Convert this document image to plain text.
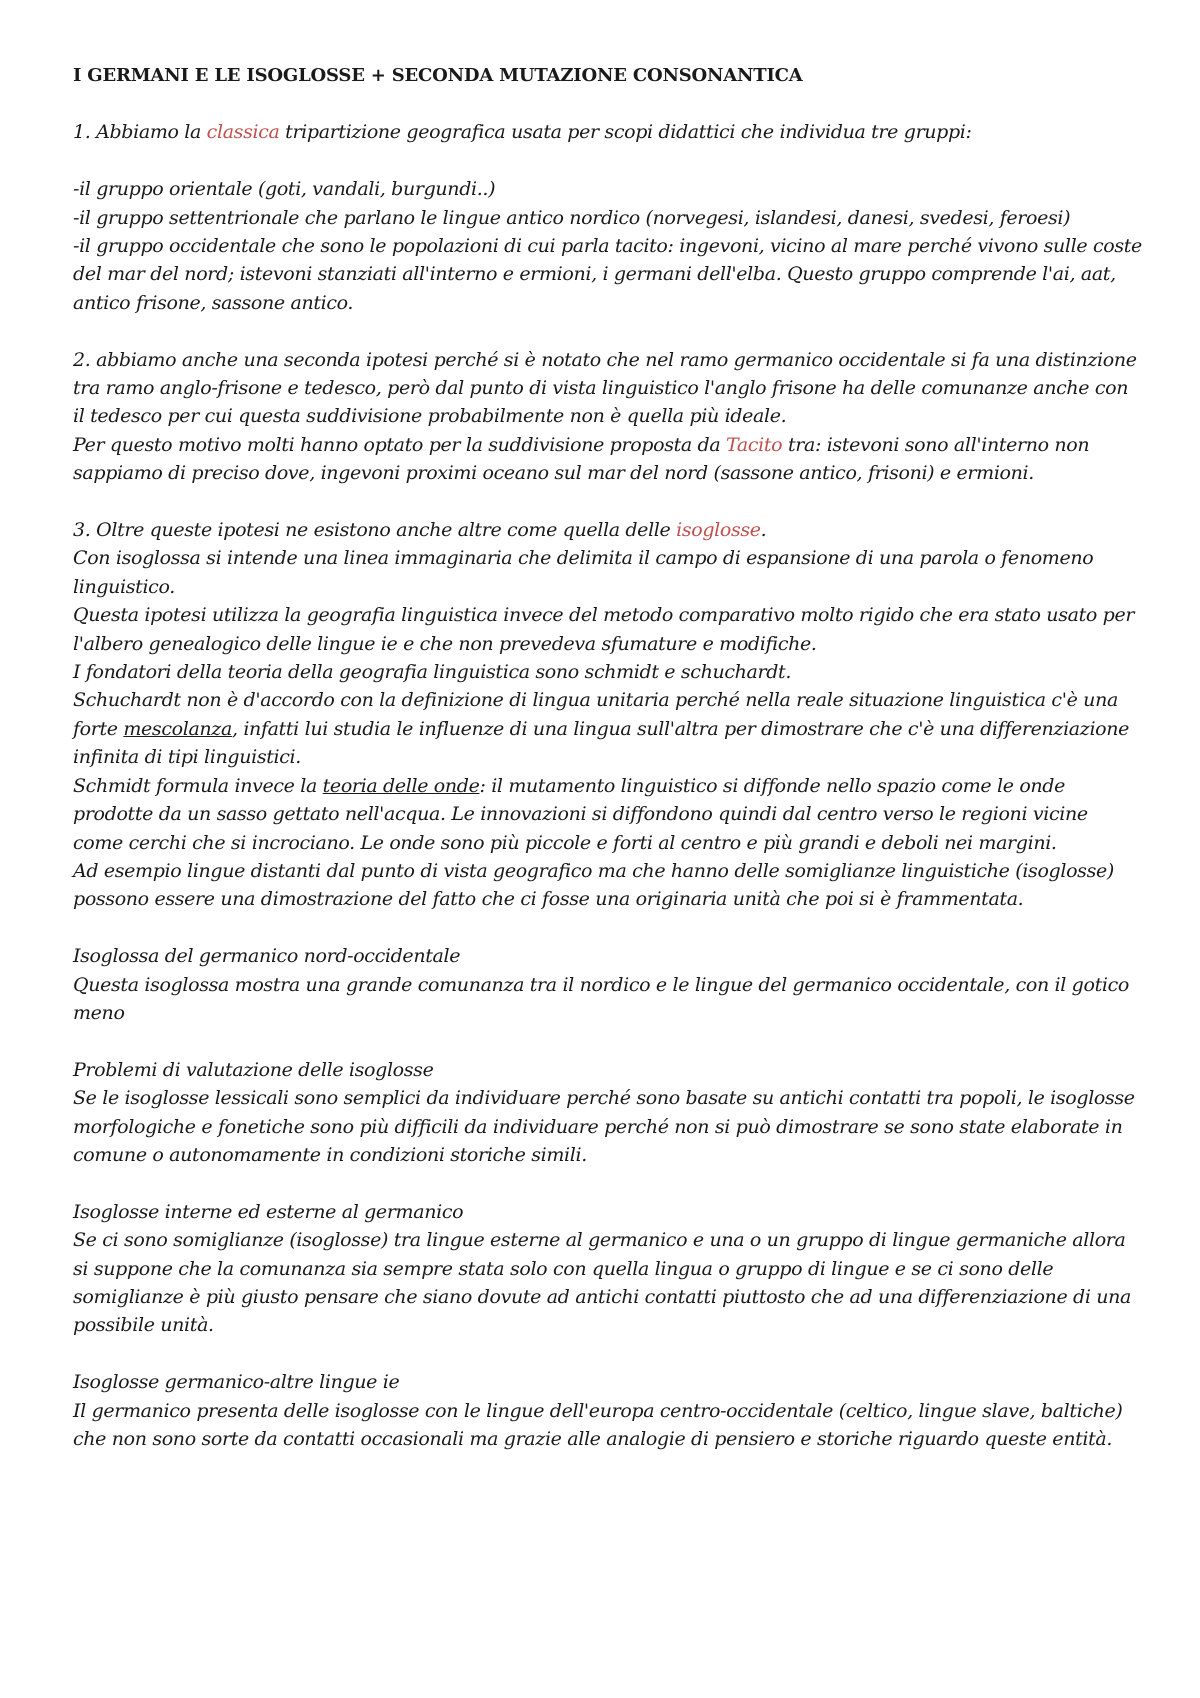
I GERMANI E LE ISOGLOSSE + SECONDA MUTAZIONE CONSONANTICA
1. Abbiamo la classica tripartizione geografica usata per scopi didattici che individua tre gruppi:
-il gruppo orientale (goti, vandali, burgundi..)
-il gruppo settentrionale che parlano le lingue antico nordico (norvegesi, islandesi, danesi, svedesi, feroesi)
-il gruppo occidentale che sono le popolazioni di cui parla tacito: ingevoni, vicino al mare perché vivono sulle coste del mar del nord; istevoni stanziati all'interno e ermioni, i germani dell'elba. Questo gruppo comprende l'ai, aat, antico frisone, sassone antico.
2. abbiamo anche una seconda ipotesi perché si è notato che nel ramo germanico occidentale si fa una distinzione tra ramo anglo-frisone e tedesco, però dal punto di vista linguistico l'anglo frisone ha delle comunanze anche con il tedesco per cui questa suddivisione probabilmente non è quella più ideale.
Per questo motivo molti hanno optato per la suddivisione proposta da Tacito tra: istevoni sono all'interno non sappiamo di preciso dove, ingevoni proximi oceano sul mar del nord (sassone antico, frisoni) e ermioni.
3. Oltre queste ipotesi ne esistono anche altre come quella delle isoglosse.
Con isoglossa si intende una linea immaginaria che delimita il campo di espansione di una parola o fenomeno linguistico.
Questa ipotesi utilizza la geografia linguistica invece del metodo comparativo molto rigido che era stato usato per l'albero genealogico delle lingue ie e che non prevedeva sfumature e modifiche.
I fondatori della teoria della geografia linguistica sono schmidt e schuchardt.
Schuchardt non è d'accordo con la definizione di lingua unitaria perché nella reale situazione linguistica c'è una forte mescolanza, infatti lui studia le influenze di una lingua sull'altra per dimostrare che c'è una differenziazione infinita di tipi linguistici.
Schmidt formula invece la teoria delle onde: il mutamento linguistico si diffonde nello spazio come le onde prodotte da un sasso gettato nell'acqua. Le innovazioni si diffondono quindi dal centro verso le regioni vicine come cerchi che si incrociano. Le onde sono più piccole e forti al centro e più grandi e deboli nei margini.
Ad esempio lingue distanti dal punto di vista geografico ma che hanno delle somiglianze linguistiche (isoglosse) possono essere una dimostrazione del fatto che ci fosse una originaria unità che poi si è frammentata.
Isoglossa del germanico nord-occidentale
Questa isoglossa mostra una grande comunanza tra il nordico e le lingue del germanico occidentale, con il gotico meno
Problemi di valutazione delle isoglosse
Se le isoglosse lessicali sono semplici da individuare perché sono basate su antichi contatti tra popoli, le isoglosse morfologiche e fonetiche sono più difficili da individuare perché non si può dimostrare se sono state elaborate in comune o autonomamente in condizioni storiche simili.
Isoglosse interne ed esterne al germanico
Se ci sono somiglianze (isoglosse) tra lingue esterne al germanico e una o un gruppo di lingue germaniche allora si suppone che la comunanza sia sempre stata solo con quella lingua o gruppo di lingue e se ci sono delle somiglianze è più giusto pensare che siano dovute ad antichi contatti piuttosto che ad una differenziazione di una possibile unità.
Isoglosse germanico-altre lingue ie
Il germanico presenta delle isoglosse con le lingue dell'europa centro-occidentale (celtico, lingue slave, baltiche) che non sono sorte da contatti occasionali ma grazie alle analogie di pensiero e storiche riguardo queste entità.
